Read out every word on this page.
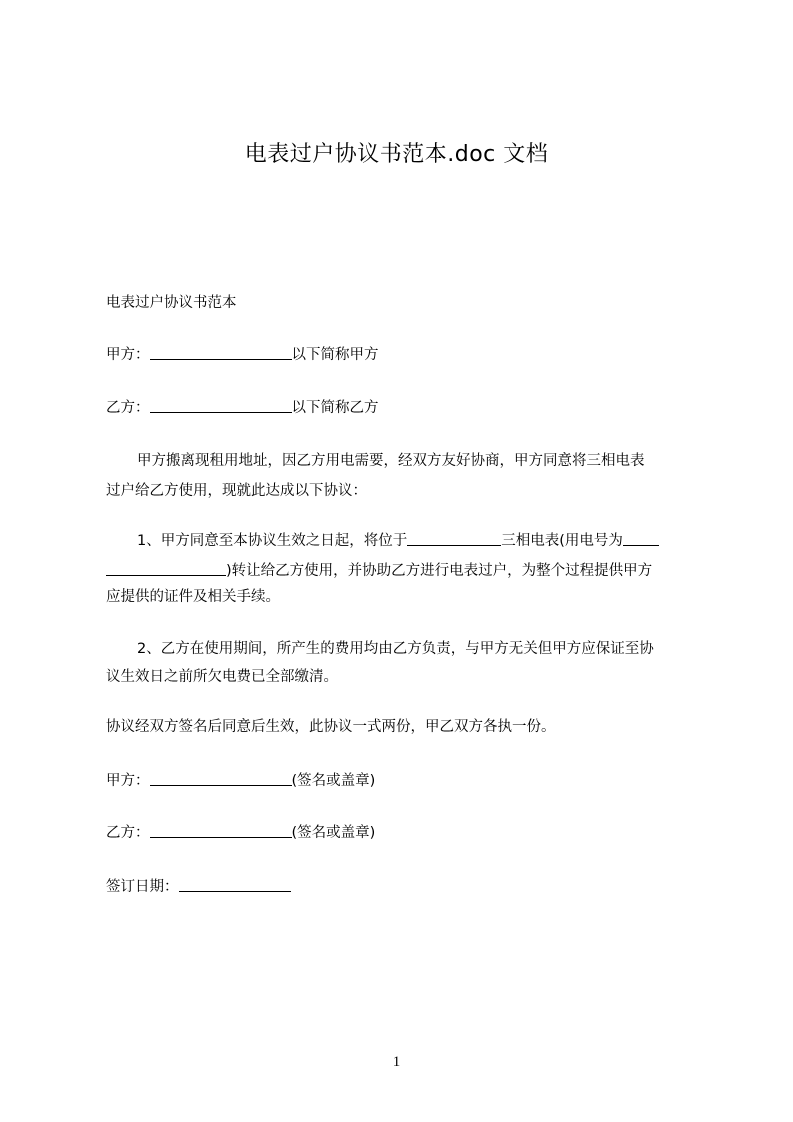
电表过户协议书范本.doc 文档
电表过户协议书范本
甲方：	以下简称甲方
乙方：	以下简称乙方
甲方搬离现租用地址，因乙方用电需要，经双方友好协商，甲方同意将三相电表
过户给乙方使用，现就此达成以下协议：
1、甲方同意至本协议生效之日起，将位于	三相电表(用电号为
)转让给乙方使用，并协助乙方进行电表过户，为整个过程提供甲方
应提供的证件及相关手续。
2、乙方在使用期间，所产生的费用均由乙方负责，与甲方无关但甲方应保证至协
议生效日之前所欠电费已全部缴清。
协议经双方签名后同意后生效，此协议一式两份，甲乙双方各执一份。
甲方：	(签名或盖章)
乙方：	(签名或盖章)
签订日期：
1
